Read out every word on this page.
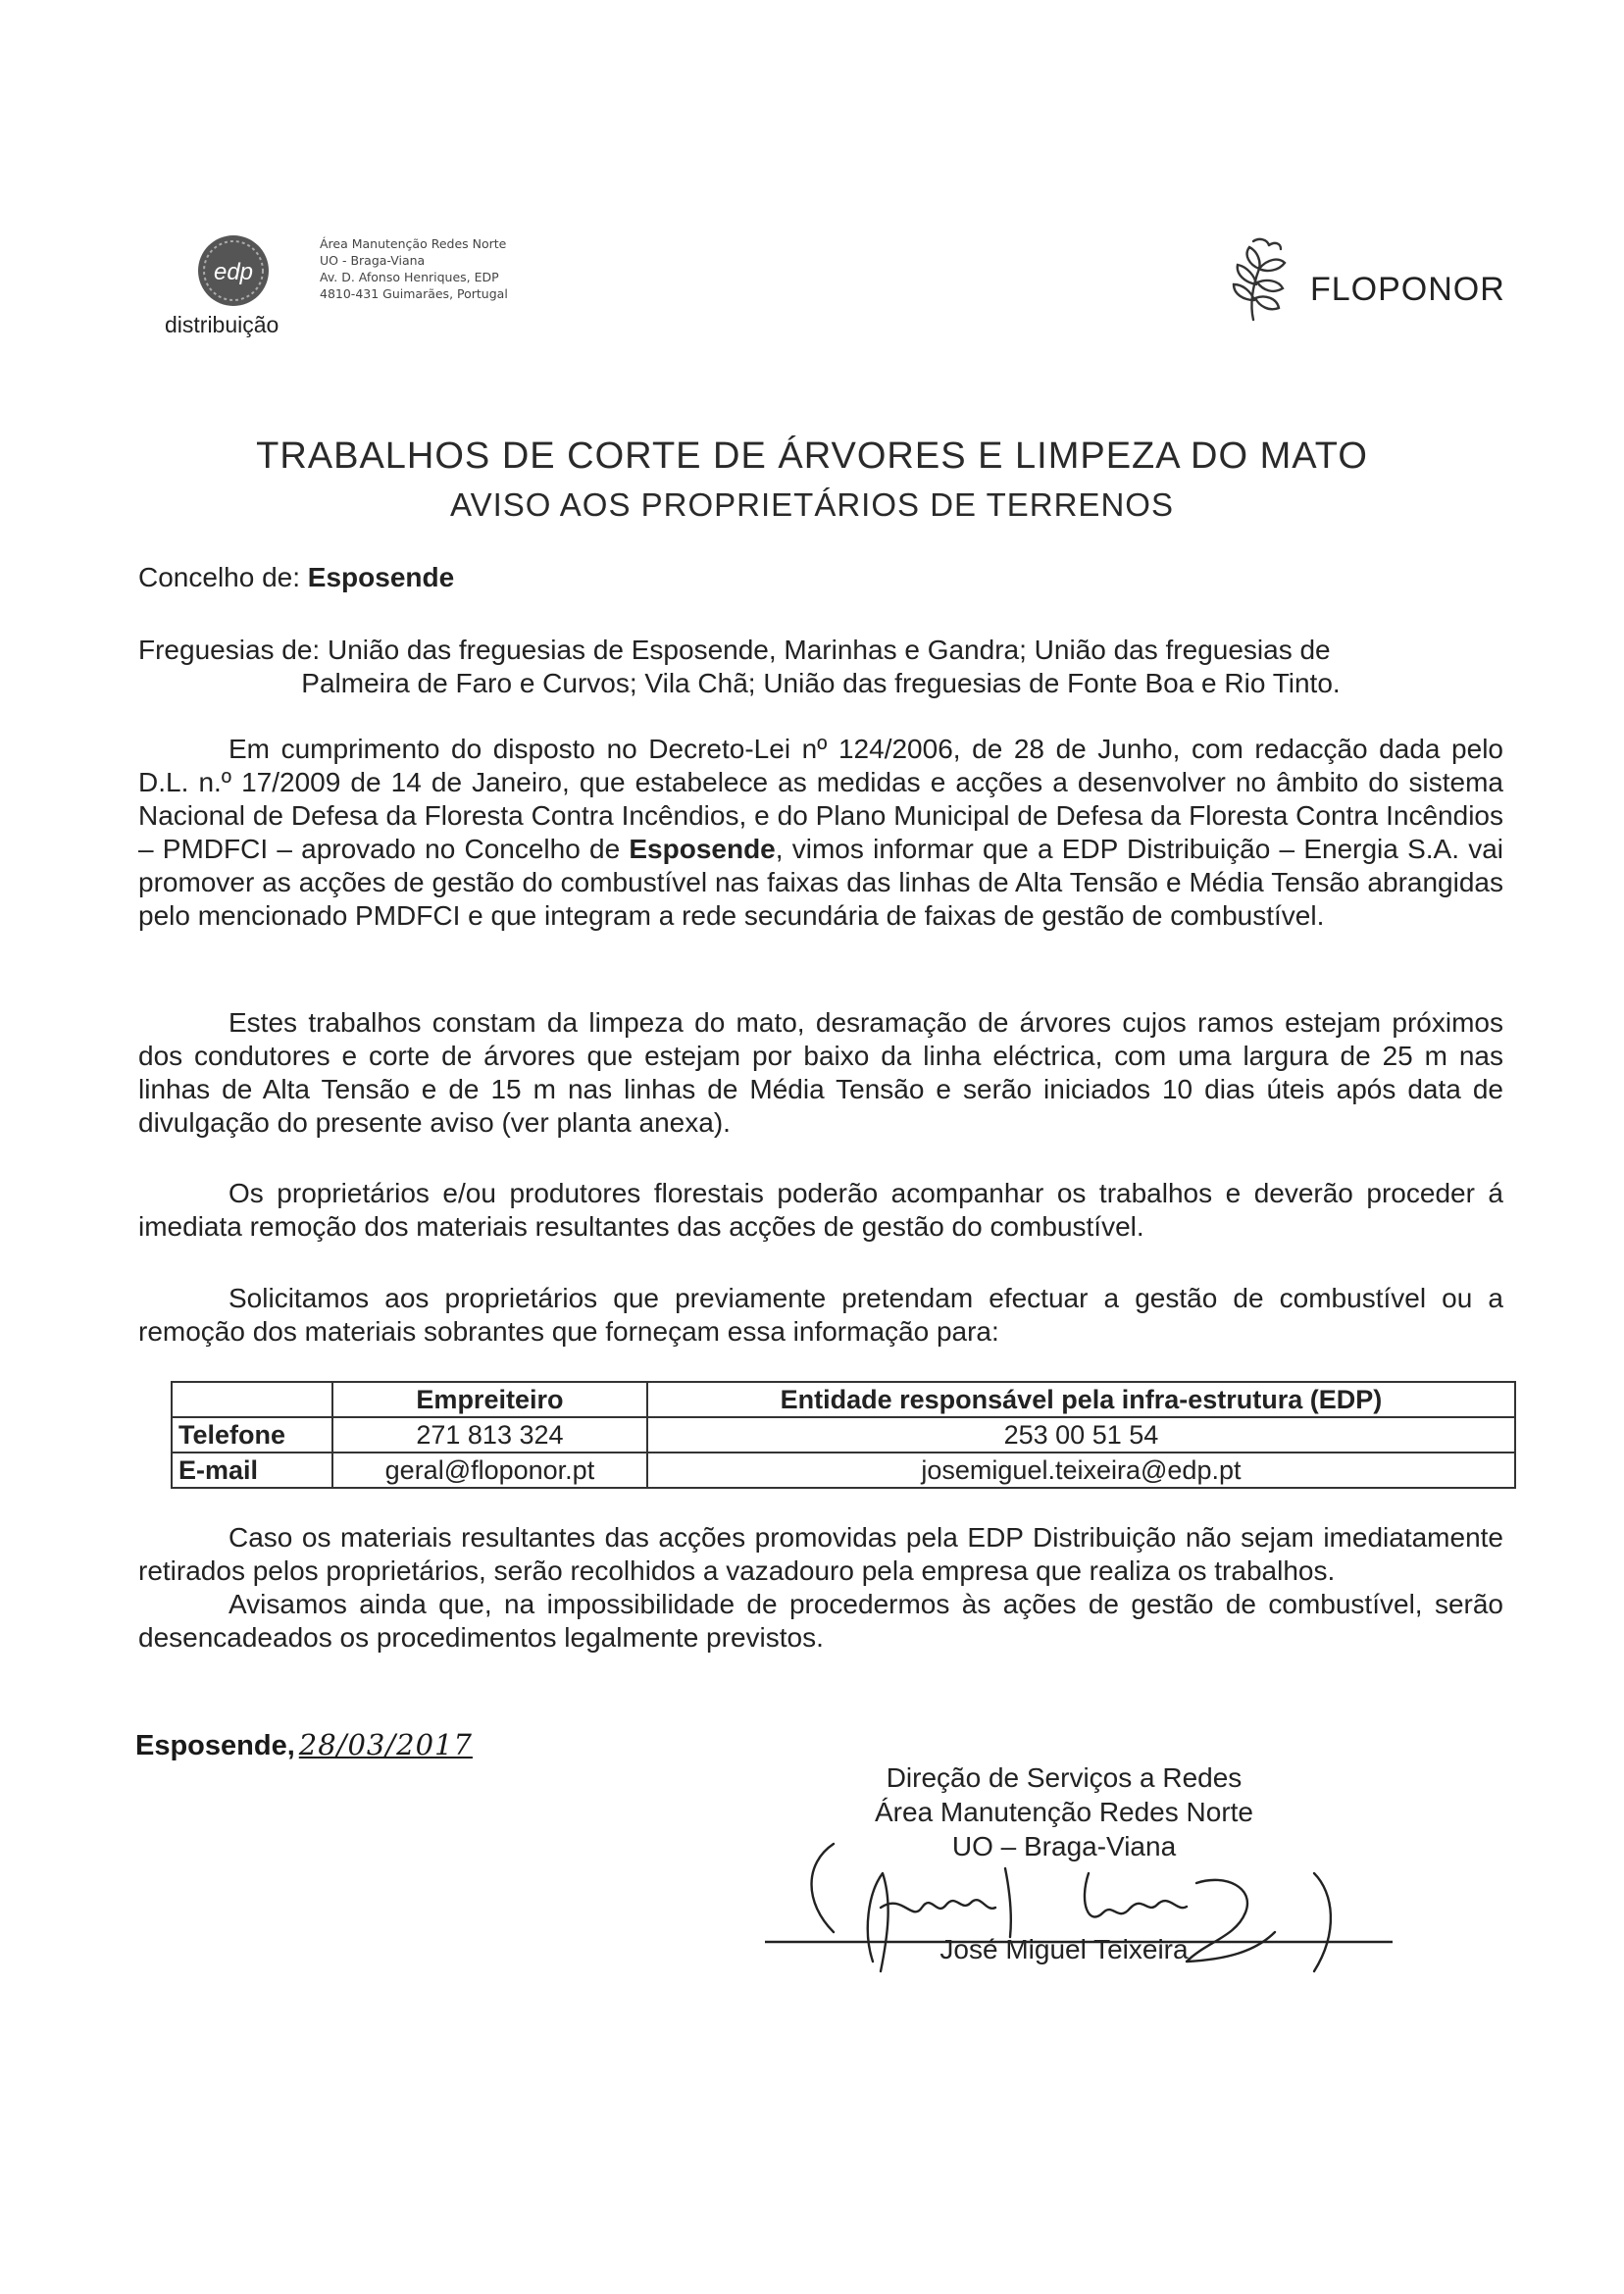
edp
distribuição
Área Manutenção Redes Norte
UO - Braga-Viana
Av. D. Afonso Henriques, EDP
4810-431 Guimarães, Portugal	FLOPONOR
TRABALHOS DE CORTE DE ÁRVORES E LIMPEZA DO MATO
AVISO AOS PROPRIETÁRIOS DE TERRENOS
Concelho de: Esposende
Freguesias de: União das freguesias de Esposende, Marinhas e Gandra; União das freguesias de
Palmeira de Faro e Curvos; Vila Chã; União das freguesias de Fonte Boa e Rio Tinto.

Em cumprimento do disposto no Decreto-Lei nº 124/2006, de 28 de Junho, com redacção dada pelo D.L. n.º 17/2009 de 14 de Janeiro, que estabelece as medidas e acções a desenvolver no âmbito do sistema Nacional de Defesa da Floresta Contra Incêndios, e do Plano Municipal de Defesa da Floresta Contra Incêndios – PMDFCI – aprovado no Concelho de Esposende, vimos informar que a EDP Distribuição – Energia S.A. vai promover as acções de gestão do combustível nas faixas das linhas de Alta Tensão e Média Tensão abrangidas pelo mencionado PMDFCI e que integram a rede secundária de faixas de gestão de combustível.

Estes trabalhos constam da limpeza do mato, desramação de árvores cujos ramos estejam próximos dos condutores e corte de árvores que estejam por baixo da linha eléctrica, com uma largura de 25 m nas linhas de Alta Tensão e de 15 m nas linhas de Média Tensão e serão iniciados 10 dias úteis após data de divulgação do presente aviso (ver planta anexa).

Os proprietários e/ou produtores florestais poderão acompanhar os trabalhos e deverão proceder á imediata remoção dos materiais resultantes das acções de gestão do combustível.

Solicitamos aos proprietários que previamente pretendam efectuar a gestão de combustível ou a remoção dos materiais sobrantes que forneçam essa informação para:

	Empreiteiro	Entidade responsável pela infra-estrutura (EDP)
Telefone	271 813 324	253 00 51 54
E-mail	geral@floponor.pt	josemiguel.teixeira@edp.pt

Caso os materiais resultantes das acções promovidas pela EDP Distribuição não sejam imediatamente retirados pelos proprietários, serão recolhidos a vazadouro pela empresa que realiza os trabalhos.

Avisamos ainda que, na impossibilidade de procedermos às ações de gestão de combustível, serão desencadeados os procedimentos legalmente previstos.

Esposende, 28/03/2017
Direção de Serviços a Redes
Área Manutenção Redes Norte
UO – Braga-Viana
José Miguel Teixeira
